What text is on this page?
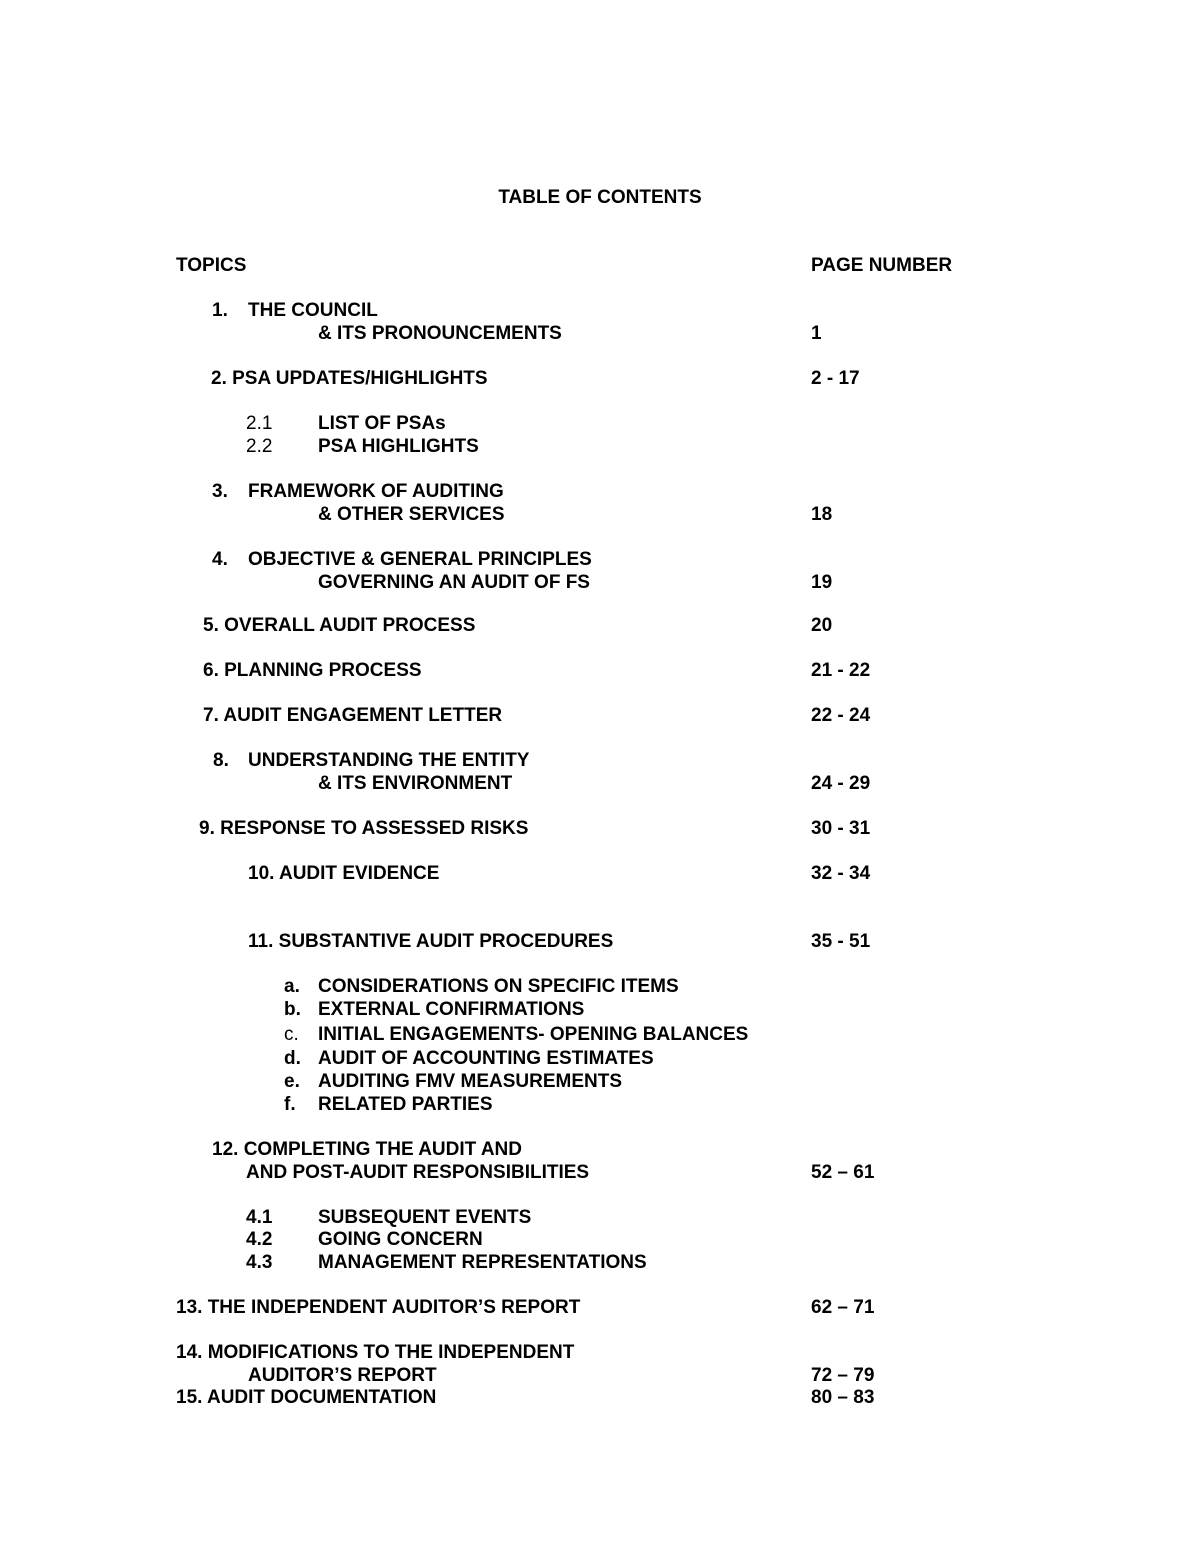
TABLE OF CONTENTS
TOPICS	PAGE NUMBER
1. THE COUNCIL
& ITS PRONOUNCEMENTS	1
2. PSA UPDATES/HIGHLIGHTS	2 - 17
2.1 LIST OF PSAs
2.2 PSA HIGHLIGHTS
3. FRAMEWORK OF AUDITING
& OTHER SERVICES	18
4. OBJECTIVE & GENERAL PRINCIPLES
GOVERNING AN AUDIT OF FS	19
5. OVERALL AUDIT PROCESS	20
6. PLANNING PROCESS	21 - 22
7. AUDIT ENGAGEMENT LETTER	22 - 24
8. UNDERSTANDING THE ENTITY
& ITS ENVIRONMENT	24 - 29
9. RESPONSE TO ASSESSED RISKS	30 - 31
10. AUDIT EVIDENCE	32 - 34
11. SUBSTANTIVE AUDIT PROCEDURES	35 - 51
a. CONSIDERATIONS ON SPECIFIC ITEMS
b. EXTERNAL CONFIRMATIONS
c. INITIAL ENGAGEMENTS- OPENING BALANCES
d. AUDIT OF ACCOUNTING ESTIMATES
e. AUDITING FMV MEASUREMENTS
f. RELATED PARTIES
12. COMPLETING THE AUDIT AND
AND POST-AUDIT RESPONSIBILITIES	52 – 61
4.1 SUBSEQUENT EVENTS
4.2 GOING CONCERN
4.3 MANAGEMENT REPRESENTATIONS
13. THE INDEPENDENT AUDITOR’S REPORT	62 – 71
14. MODIFICATIONS TO THE INDEPENDENT
AUDITOR’S REPORT	72 – 79
15. AUDIT DOCUMENTATION	80 – 83
